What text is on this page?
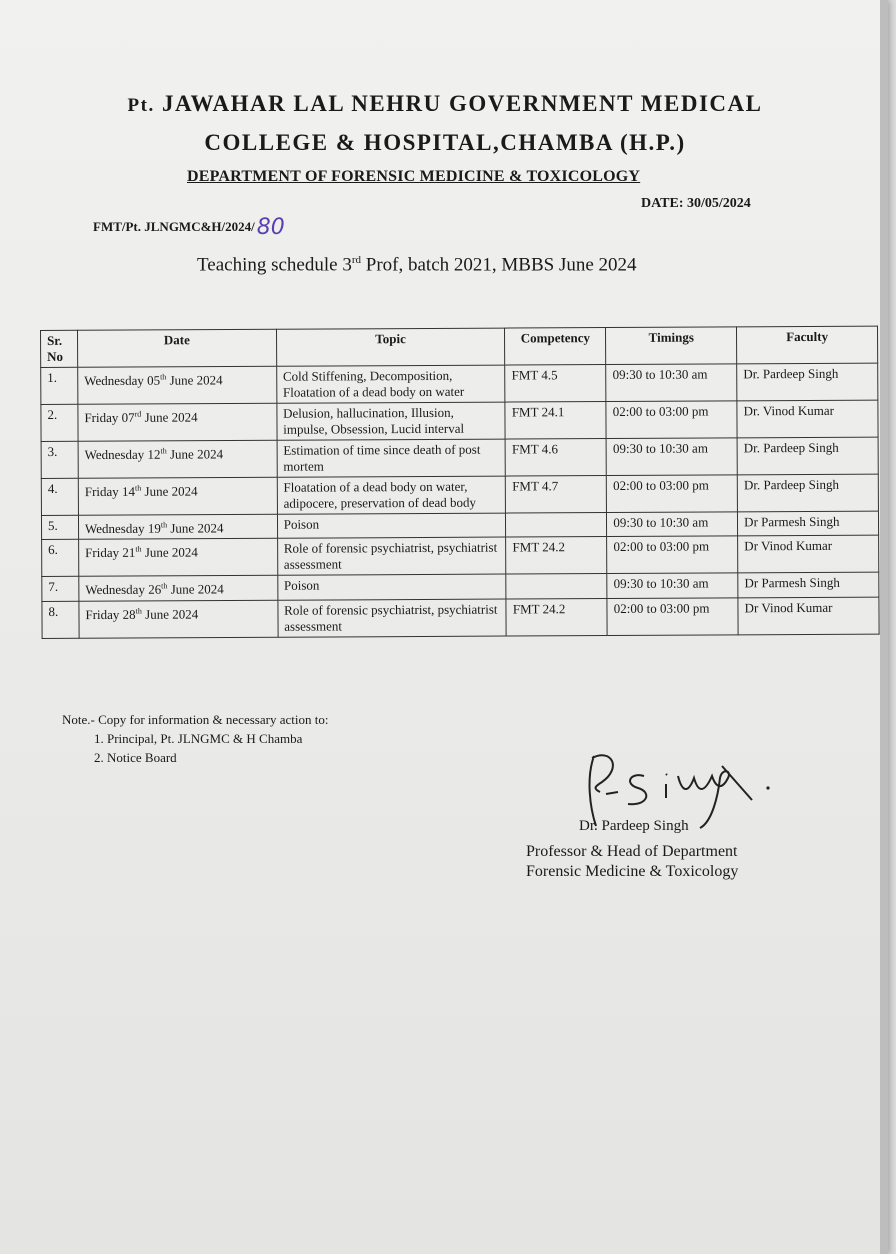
Pt. JAWAHAR LAL NEHRU GOVERNMENT MEDICAL
COLLEGE & HOSPITAL,CHAMBA (H.P.)
DEPARTMENT OF FORENSIC MEDICINE & TOXICOLOGY
FMT/Pt. JLNGMC&H/2024/80
DATE: 30/05/2024
Teaching schedule 3rd Prof, batch 2021, MBBS June 2024
Sr. No	Date	Topic	Competency	Timings	Faculty
1.	Wednesday 05th June 2024	Cold Stiffening, Decomposition, Floatation of a dead body on water	FMT 4.5	09:30 to 10:30 am	Dr. Pardeep Singh
2.	Friday 07rd June 2024	Delusion, hallucination, Illusion, impulse, Obsession, Lucid interval	FMT 24.1	02:00 to 03:00 pm	Dr. Vinod Kumar
3.	Wednesday 12th June 2024	Estimation of time since death of post mortem	FMT 4.6	09:30 to 10:30 am	Dr. Pardeep Singh
4.	Friday 14th June 2024	Floatation of a dead body on water, adipocere, preservation of dead body	FMT 4.7	02:00 to 03:00 pm	Dr. Pardeep Singh
5.	Wednesday 19th June 2024	Poison		09:30 to 10:30 am	Dr Parmesh Singh
6.	Friday 21th June 2024	Role of forensic psychiatrist, psychiatrist assessment	FMT 24.2	02:00 to 03:00 pm	Dr Vinod Kumar
7.	Wednesday 26th June 2024	Poison		09:30 to 10:30 am	Dr Parmesh Singh
8.	Friday 28th June 2024	Role of forensic psychiatrist, psychiatrist assessment	FMT 24.2	02:00 to 03:00 pm	Dr Vinod Kumar
Note.- Copy for information & necessary action to:
1. Principal, Pt. JLNGMC & H Chamba
2. Notice Board
Dr. Pardeep Singh
Professor & Head of Department
Forensic Medicine & Toxicology
